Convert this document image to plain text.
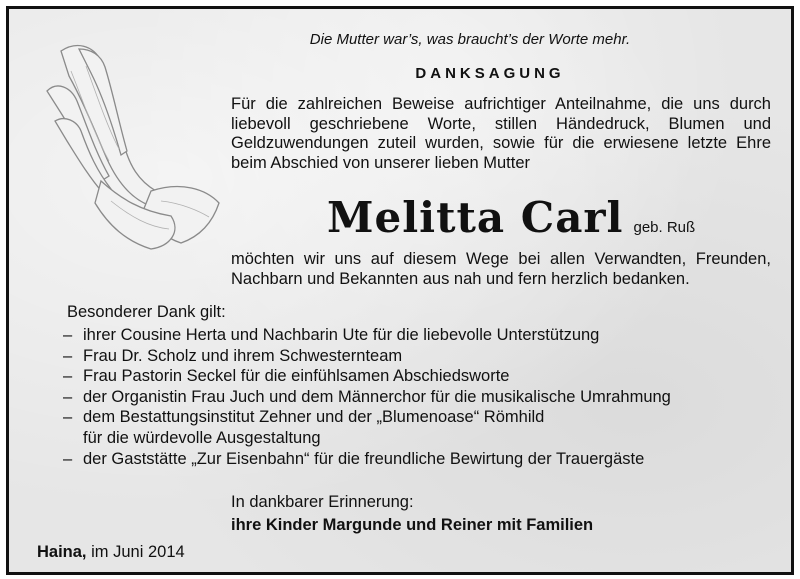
Die Mutter war’s, was braucht’s der Worte mehr.
DANKSAGUNG
Für die zahlreichen Beweise aufrichtiger Anteilnahme, die uns durch liebevoll geschriebene Worte, stillen Händedruck, Blumen und Geldzuwendungen zuteil wurden, sowie für die erwiesene letzte Ehre beim Abschied von unserer lieben Mutter
Melitta Carl geb. Ruß
möchten wir uns auf diesem Wege bei allen Verwandten, Freunden, Nachbarn und Bekannten aus nah und fern herzlich bedanken.
Besonderer Dank gilt:
– ihrer Cousine Herta und Nachbarin Ute für die liebevolle Unterstützung
– Frau Dr. Scholz und ihrem Schwesternteam
– Frau Pastorin Seckel für die einfühlsamen Abschiedsworte
– der Organistin Frau Juch und dem Männerchor für die musikalische Umrahmung
– dem Bestattungsinstitut Zehner und der „Blumenoase“ Römhild
für die würdevolle Ausgestaltung
– der Gaststätte „Zur Eisenbahn“ für die freundliche Bewirtung der Trauergäste
In dankbarer Erinnerung:
ihre Kinder Margunde und Reiner mit Familien
Haina, im Juni 2014
